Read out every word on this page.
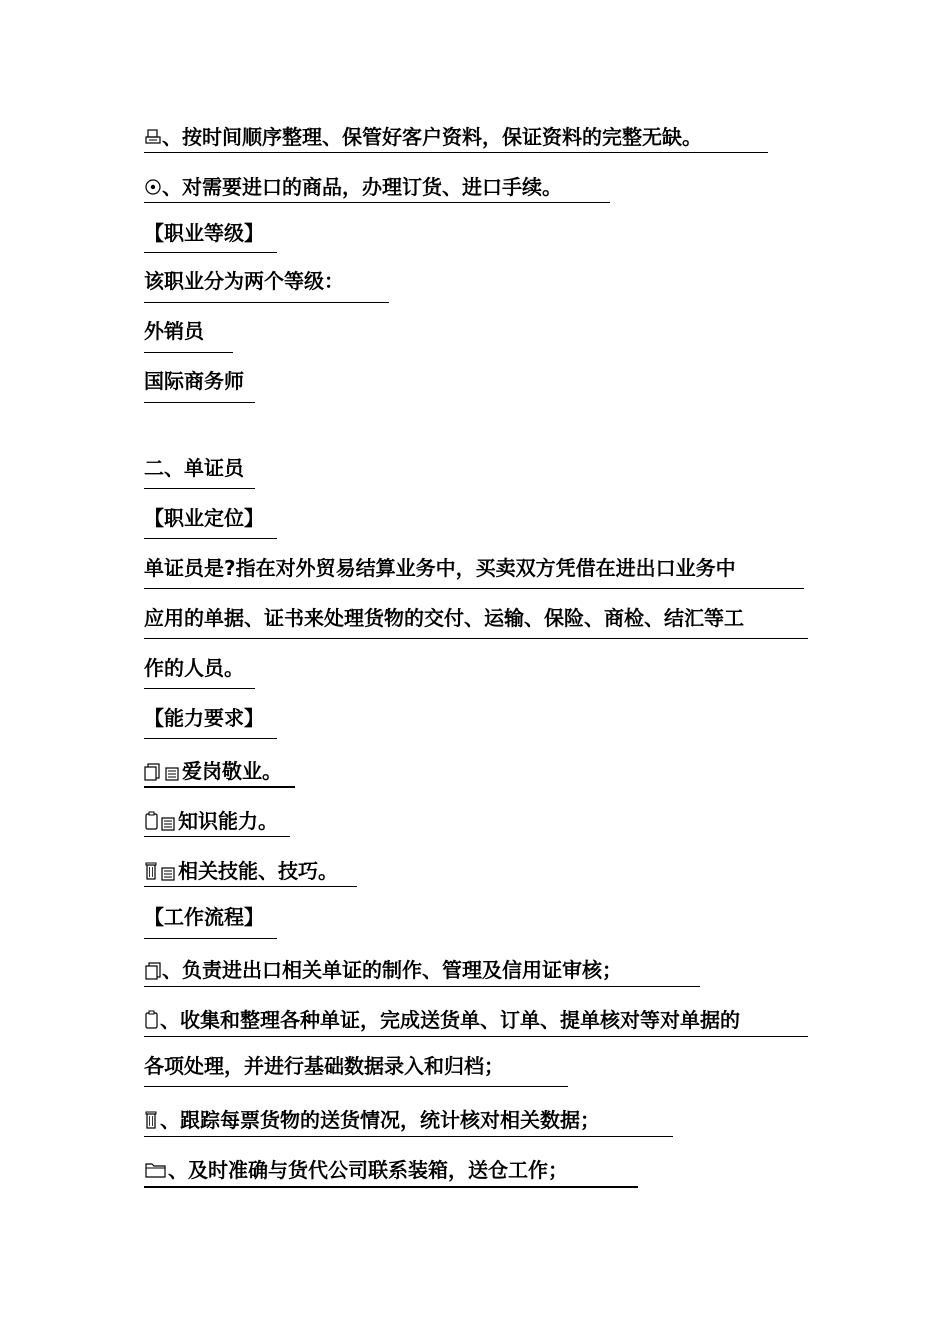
、按时间顺序整理、保管好客户资料，保证资料的完整无缺。
、对需要进口的商品，办理订货、进口手续。
【职业等级】
该职业分为两个等级：
外销员
国际商务师
二、单证员
【职业定位】
单证员是?指在对外贸易结算业务中，买卖双方凭借在进出口业务中
应用的单据、证书来处理货物的交付、运输、保险、商检、结汇等工
作的人员。
【能力要求】
爱岗敬业。
知识能力。
相关技能、技巧。
【工作流程】
、负责进出口相关单证的制作、管理及信用证审核；
、收集和整理各种单证，完成送货单、订单、提单核对等对单据的
各项处理，并进行基础数据录入和归档；
、跟踪每票货物的送货情况，统计核对相关数据；
、及时准确与货代公司联系装箱，送仓工作；
